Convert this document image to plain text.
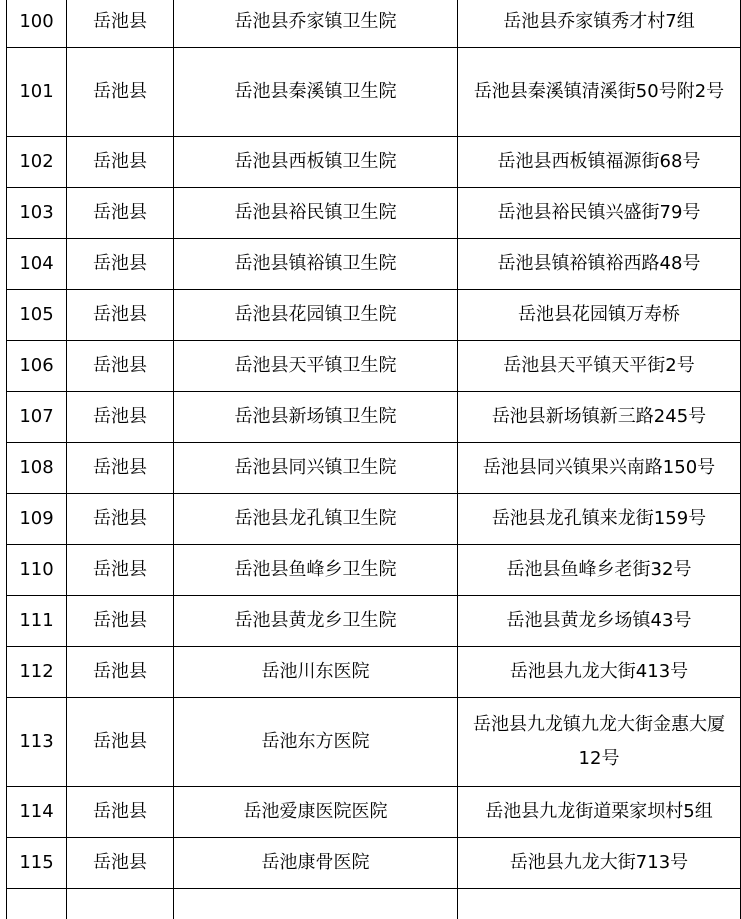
100	岳池县	岳池县乔家镇卫生院	岳池县乔家镇秀才村7组
101	岳池县	岳池县秦溪镇卫生院	岳池县秦溪镇清溪街50号附2号
102	岳池县	岳池县西板镇卫生院	岳池县西板镇福源街68号
103	岳池县	岳池县裕民镇卫生院	岳池县裕民镇兴盛街79号
104	岳池县	岳池县镇裕镇卫生院	岳池县镇裕镇裕西路48号
105	岳池县	岳池县花园镇卫生院	岳池县花园镇万寿桥
106	岳池县	岳池县天平镇卫生院	岳池县天平镇天平街2号
107	岳池县	岳池县新场镇卫生院	岳池县新场镇新三路245号
108	岳池县	岳池县同兴镇卫生院	岳池县同兴镇果兴南路150号
109	岳池县	岳池县龙孔镇卫生院	岳池县龙孔镇来龙街159号
110	岳池县	岳池县鱼峰乡卫生院	岳池县鱼峰乡老街32号
111	岳池县	岳池县黄龙乡卫生院	岳池县黄龙乡场镇43号
112	岳池县	岳池川东医院	岳池县九龙大街413号
113	岳池县	岳池东方医院	岳池县九龙镇九龙大街金惠大厦12号
114	岳池县	岳池爱康医院医院	岳池县九龙街道栗家坝村5组
115	岳池县	岳池康骨医院	岳池县九龙大街713号
